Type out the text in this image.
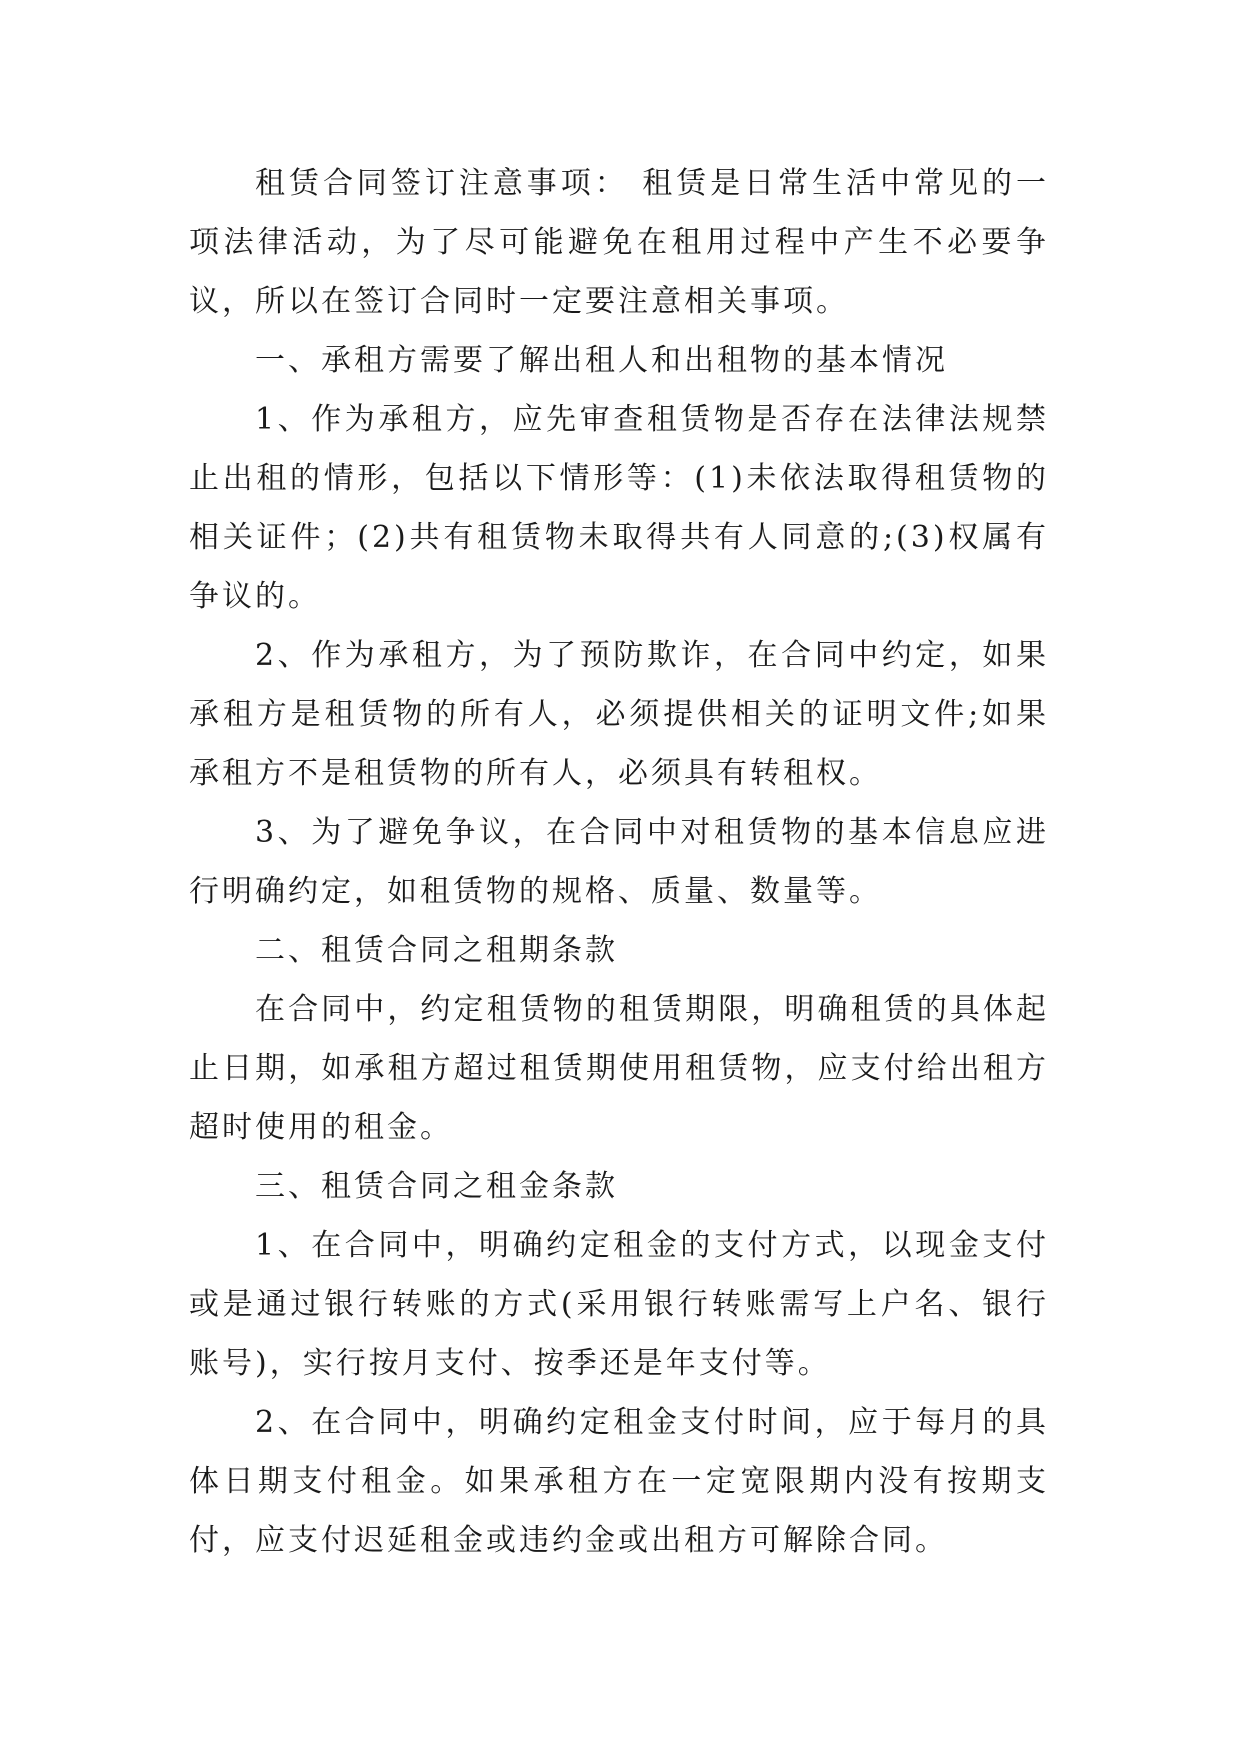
租赁合同签订注意事项： 租赁是日常生活中常见的一项法律活动，为了尽可能避免在租用过程中产生不必要争议，所以在签订合同时一定要注意相关事项。

一、承租方需要了解出租人和出租物的基本情况

1、作为承租方，应先审查租赁物是否存在法律法规禁止出租的情形，包括以下情形等：(1)未依法取得租赁物的相关证件；(2)共有租赁物未取得共有人同意的;(3)权属有争议的。

2、作为承租方，为了预防欺诈，在合同中约定，如果承租方是租赁物的所有人，必须提供相关的证明文件;如果承租方不是租赁物的所有人，必须具有转租权。

3、为了避免争议，在合同中对租赁物的基本信息应进行明确约定，如租赁物的规格、质量、数量等。

二、租赁合同之租期条款

在合同中，约定租赁物的租赁期限，明确租赁的具体起止日期，如承租方超过租赁期使用租赁物，应支付给出租方超时使用的租金。

三、租赁合同之租金条款

1、在合同中，明确约定租金的支付方式，以现金支付或是通过银行转账的方式(采用银行转账需写上户名、银行账号)，实行按月支付、按季还是年支付等。

2、在合同中，明确约定租金支付时间，应于每月的具体日期支付租金。如果承租方在一定宽限期内没有按期支付，应支付迟延租金或违约金或出租方可解除合同。
